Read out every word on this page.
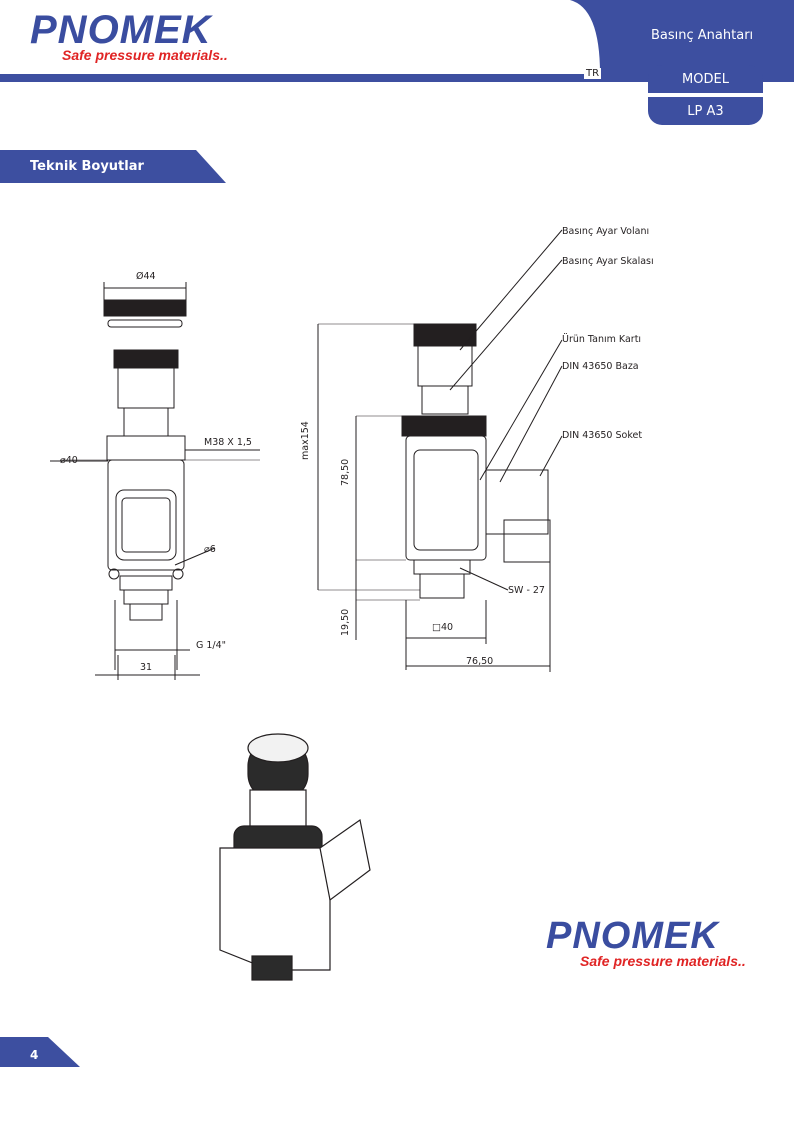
PNOMEK
Safe pressure materials..
Basınç Anahtarı
TR	MODEL
LP A3
Teknik Boyutlar
Ø44
M38 X 1,5
⌀40
⌀6
G 1/4"
31
Basınç Ayar Volanı
Basınç Ayar Skalası
Ürün Tanım Kartı
DIN 43650 Baza
DIN 43650 Soket
max154
78,50
19,50	□40
76,50
SW - 27
PNOMEK
Safe pressure materials..
4
